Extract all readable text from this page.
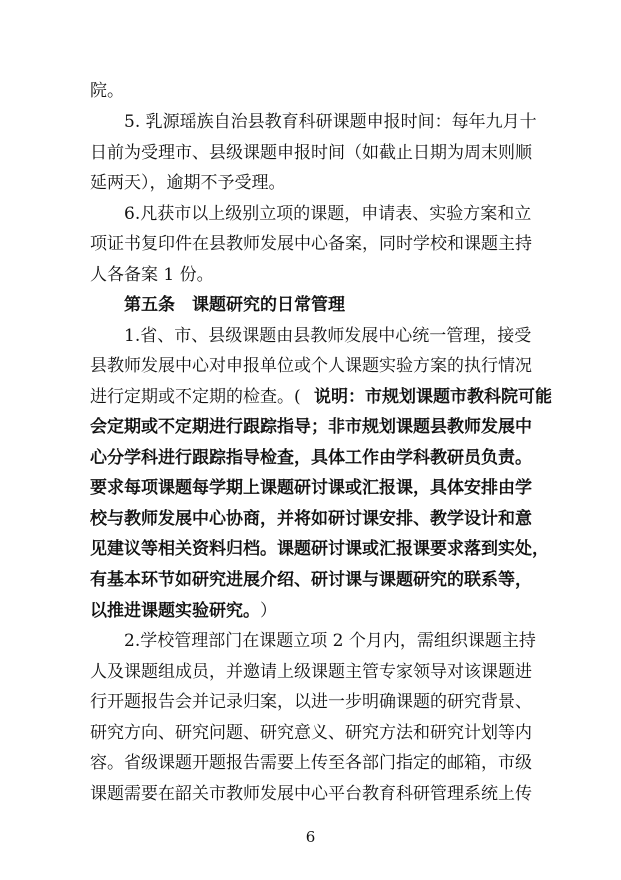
院。
5. 乳源瑶族自治县教育科研课题申报时间：每年九月十
日前为受理市、县级课题申报时间（如截止日期为周末则顺
延两天），逾期不予受理。
6.凡获市以上级别立项的课题，申请表、实验方案和立
项证书复印件在县教师发展中心备案，同时学校和课题主持
人各备案 1 份。
第五条　课题研究的日常管理
1.省、市、县级课题由县教师发展中心统一管理，接受
县教师发展中心对申报单位或个人课题实验方案的执行情况
进行定期或不定期的检查。( 说明：市规划课题市教科院可能
会定期或不定期进行跟踪指导；非市规划课题县教师发展中
心分学科进行跟踪指导检查，具体工作由学科教研员负责。
要求每项课题每学期上课题研讨课或汇报课，具体安排由学
校与教师发展中心协商，并将如研讨课安排、教学设计和意
见建议等相关资料归档。课题研讨课或汇报课要求落到实处，
有基本环节如研究进展介绍、研讨课与课题研究的联系等，
以推进课题实验研究。 ）
2.学校管理部门在课题立项 2 个月内，需组织课题主持
人及课题组成员，并邀请上级课题主管专家领导对该课题进
行开题报告会并记录归案，以进一步明确课题的研究背景、
研究方向、研究问题、研究意义、研究方法和研究计划等内
容。省级课题开题报告需要上传至各部门指定的邮箱，市级
课题需要在韶关市教师发展中心平台教育科研管理系统上传
6
